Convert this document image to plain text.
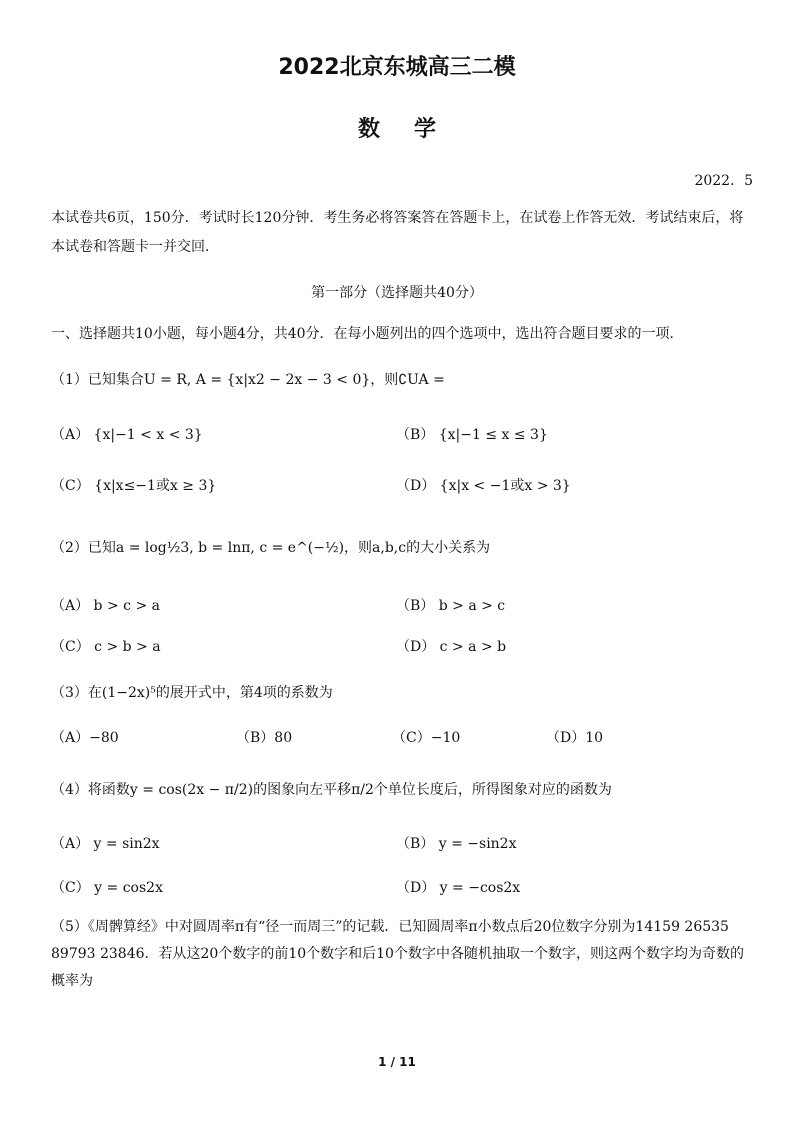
2022北京东城高三二模
数学
2022．5
本试卷共6页，150分．考试时长120分钟．考生务必将答案答在答题卡上，在试卷上作答无效．考试结束后，将本试卷和答题卡一并交回．
第一部分（选择题共40分）
一、选择题共10小题，每小题4分，共40分．在每小题列出的四个选项中，选出符合题目要求的一项．
（1）已知集合U = R, A = {x|x2 − 2x − 3 < 0}，则∁UA =
（A） {x|−1 < x < 3}	（B） {x|−1 ≤ x ≤ 3}
（C） {x|x≤−1或x ≥ 3}	（D） {x|x < −1或x > 3}
（2）已知a = log½3, b = lnπ, c = e^(−½)，则a,b,c的大小关系为
（A） b > c > a	（B） b > a > c
（C） c > b > a	（D） c > a > b
（3）在(1−2x)⁵的展开式中，第4项的系数为
（A）−80	（B）80	（C）−10	（D）10
（4）将函数y = cos(2x − π/2)的图象向左平移π/2个单位长度后，所得图象对应的函数为
（A） y = sin2x	（B） y = −sin2x
（C） y = cos2x	（D） y = −cos2x
（5）《周髀算经》中对圆周率π有“径一而周三”的记载．已知圆周率π小数点后20位数字分别为14159 26535 89793 23846．若从这20个数字的前10个数字和后10个数字中各随机抽取一个数字，则这两个数字均为奇数的概率为
1 / 11
